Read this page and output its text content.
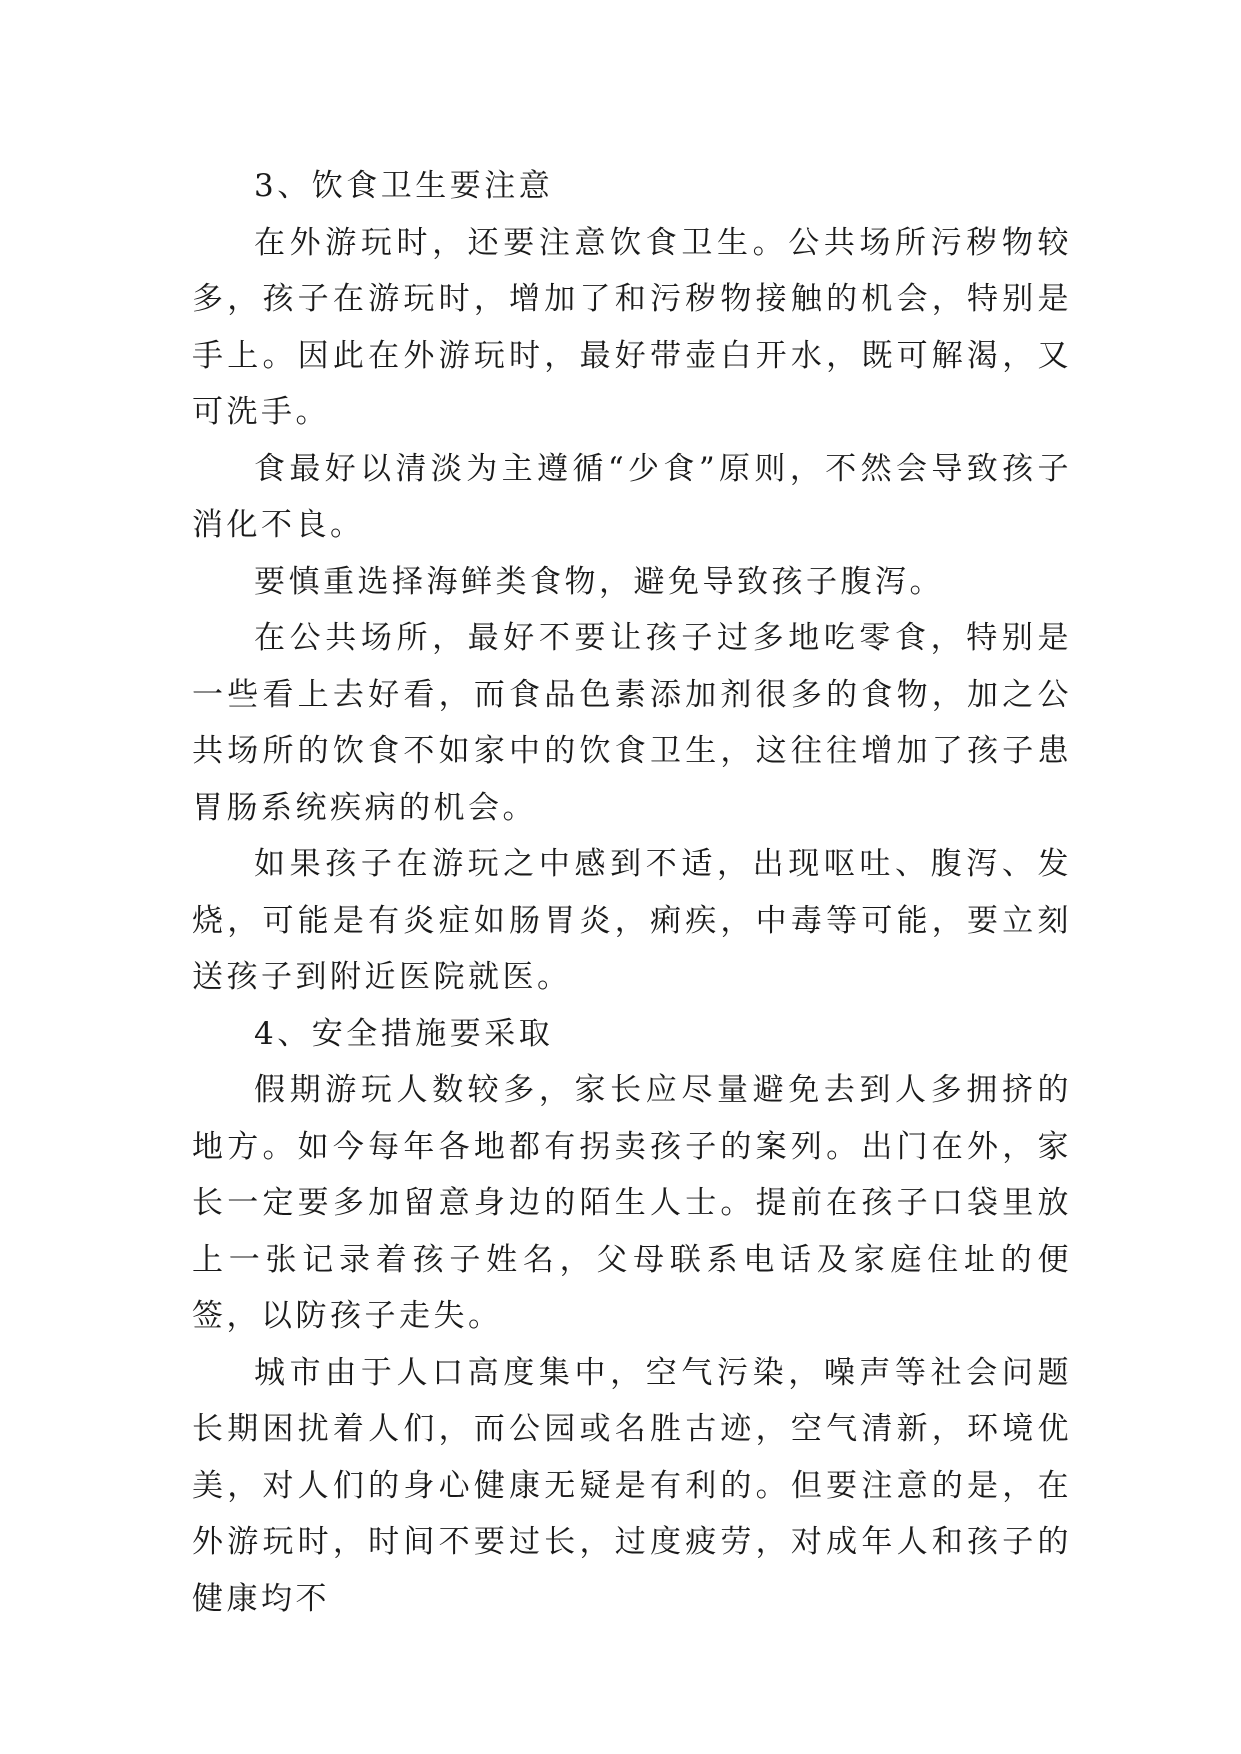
3、饮食卫生要注意

在外游玩时，还要注意饮食卫生。公共场所污秽物较多，孩子在游玩时，增加了和污秽物接触的机会，特别是手上。因此在外游玩时，最好带壶白开水，既可解渴，又可洗手。

食最好以清淡为主遵循“少食”原则，不然会导致孩子消化不良。

要慎重选择海鲜类食物，避免导致孩子腹泻。

在公共场所，最好不要让孩子过多地吃零食，特别是一些看上去好看，而食品色素添加剂很多的食物，加之公共场所的饮食不如家中的饮食卫生，这往往增加了孩子患胃肠系统疾病的机会。

如果孩子在游玩之中感到不适，出现呕吐、腹泻、发烧，可能是有炎症如肠胃炎，痢疾，中毒等可能，要立刻送孩子到附近医院就医。

4、安全措施要采取

假期游玩人数较多，家长应尽量避免去到人多拥挤的地方。如今每年各地都有拐卖孩子的案列。出门在外，家长一定要多加留意身边的陌生人士。提前在孩子口袋里放上一张记录着孩子姓名，父母联系电话及家庭住址的便签，以防孩子走失。

城市由于人口高度集中，空气污染，噪声等社会问题长期困扰着人们，而公园或名胜古迹，空气清新，环境优美，对人们的身心健康无疑是有利的。但要注意的是，在外游玩时，时间不要过长，过度疲劳，对成年人和孩子的健康均不
